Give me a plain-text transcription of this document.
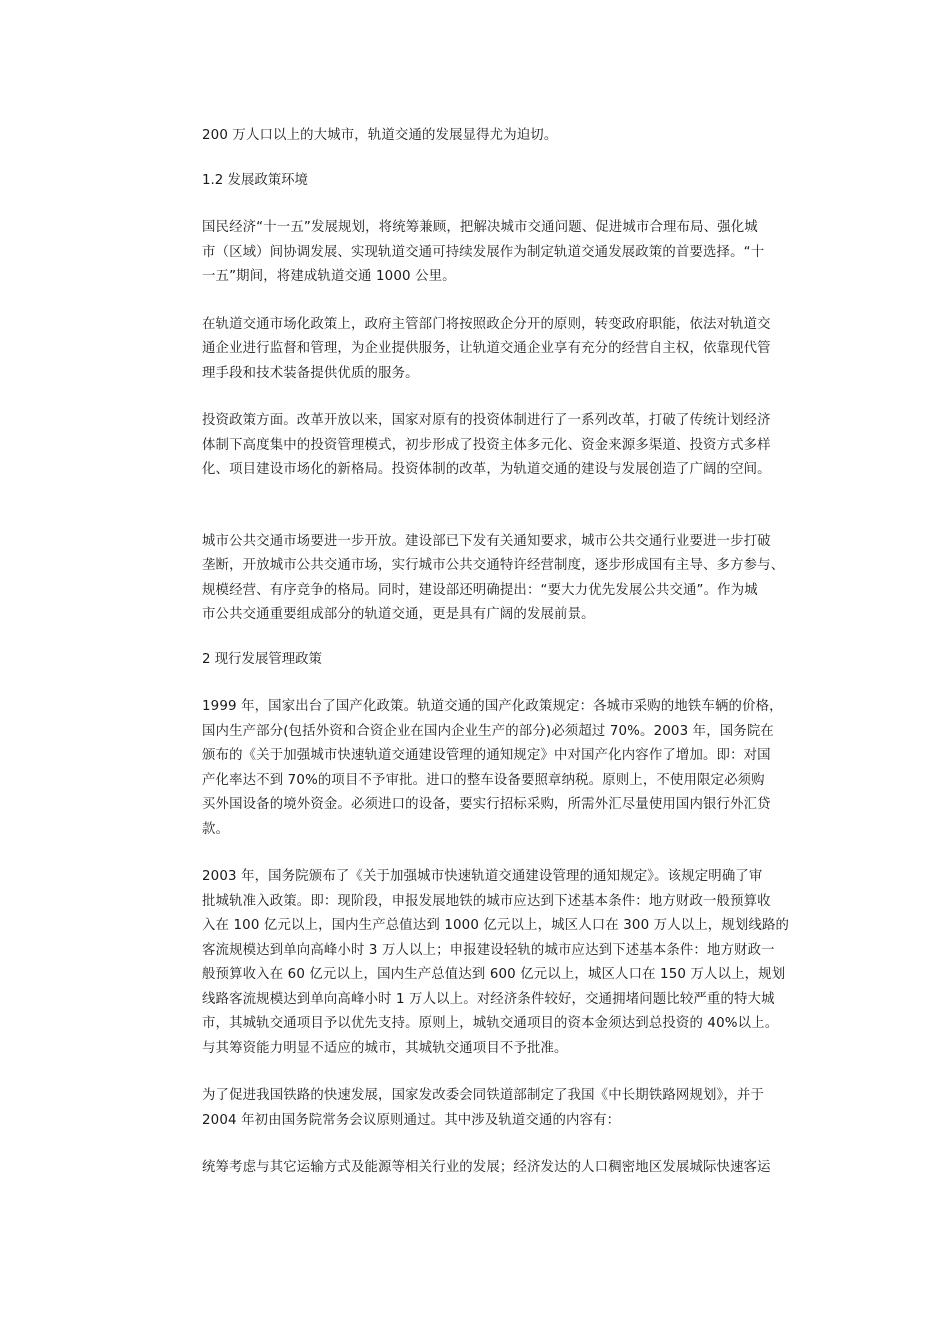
200 万人口以上的大城市，轨道交通的发展显得尤为迫切。
1.2 发展政策环境
国民经济“十一五”发展规划，将统筹兼顾，把解决城市交通问题、促进城市合理布局、强化城
市（区域）间协调发展、实现轨道交通可持续发展作为制定轨道交通发展政策的首要选择。“十
一五”期间，将建成轨道交通 1000 公里。
在轨道交通市场化政策上，政府主管部门将按照政企分开的原则，转变政府职能，依法对轨道交
通企业进行监督和管理，为企业提供服务，让轨道交通企业享有充分的经营自主权，依靠现代管
理手段和技术装备提供优质的服务。
投资政策方面。改革开放以来，国家对原有的投资体制进行了一系列改革，打破了传统计划经济
体制下高度集中的投资管理模式，初步形成了投资主体多元化、资金来源多渠道、投资方式多样
化、项目建设市场化的新格局。投资体制的改革，为轨道交通的建设与发展创造了广阔的空间。
城市公共交通市场要进一步开放。建设部已下发有关通知要求，城市公共交通行业要进一步打破
垄断，开放城市公共交通市场，实行城市公共交通特许经营制度，逐步形成国有主导、多方参与、
规模经营、有序竞争的格局。同时，建设部还明确提出：“要大力优先发展公共交通”。作为城
市公共交通重要组成部分的轨道交通，更是具有广阔的发展前景。
2 现行发展管理政策
1999 年，国家出台了国产化政策。轨道交通的国产化政策规定：各城市采购的地铁车辆的价格，
国内生产部分(包括外资和合资企业在国内企业生产的部分)必须超过 70%。2003 年，国务院在
颁布的《关于加强城市快速轨道交通建设管理的通知规定》中对国产化内容作了增加。即：对国
产化率达不到 70%的项目不予审批。进口的整车设备要照章纳税。原则上，不使用限定必须购
买外国设备的境外资金。必须进口的设备，要实行招标采购，所需外汇尽量使用国内银行外汇贷
款。
2003 年，国务院颁布了《关于加强城市快速轨道交通建设管理的通知规定》。该规定明确了审
批城轨准入政策。即：现阶段，申报发展地铁的城市应达到下述基本条件：地方财政一般预算收
入在 100 亿元以上，国内生产总值达到 1000 亿元以上，城区人口在 300 万人以上，规划线路的
客流规模达到单向高峰小时 3 万人以上；申报建设轻轨的城市应达到下述基本条件：地方财政一
般预算收入在 60 亿元以上，国内生产总值达到 600 亿元以上，城区人口在 150 万人以上，规划
线路客流规模达到单向高峰小时 1 万人以上。对经济条件较好，交通拥堵问题比较严重的特大城
市，其城轨交通项目予以优先支持。原则上，城轨交通项目的资本金须达到总投资的 40%以上。
与其筹资能力明显不适应的城市，其城轨交通项目不予批准。
为了促进我国铁路的快速发展，国家发改委会同铁道部制定了我国《中长期铁路网规划》，并于
2004 年初由国务院常务会议原则通过。其中涉及轨道交通的内容有：
统筹考虑与其它运输方式及能源等相关行业的发展；经济发达的人口稠密地区发展城际快速客运
